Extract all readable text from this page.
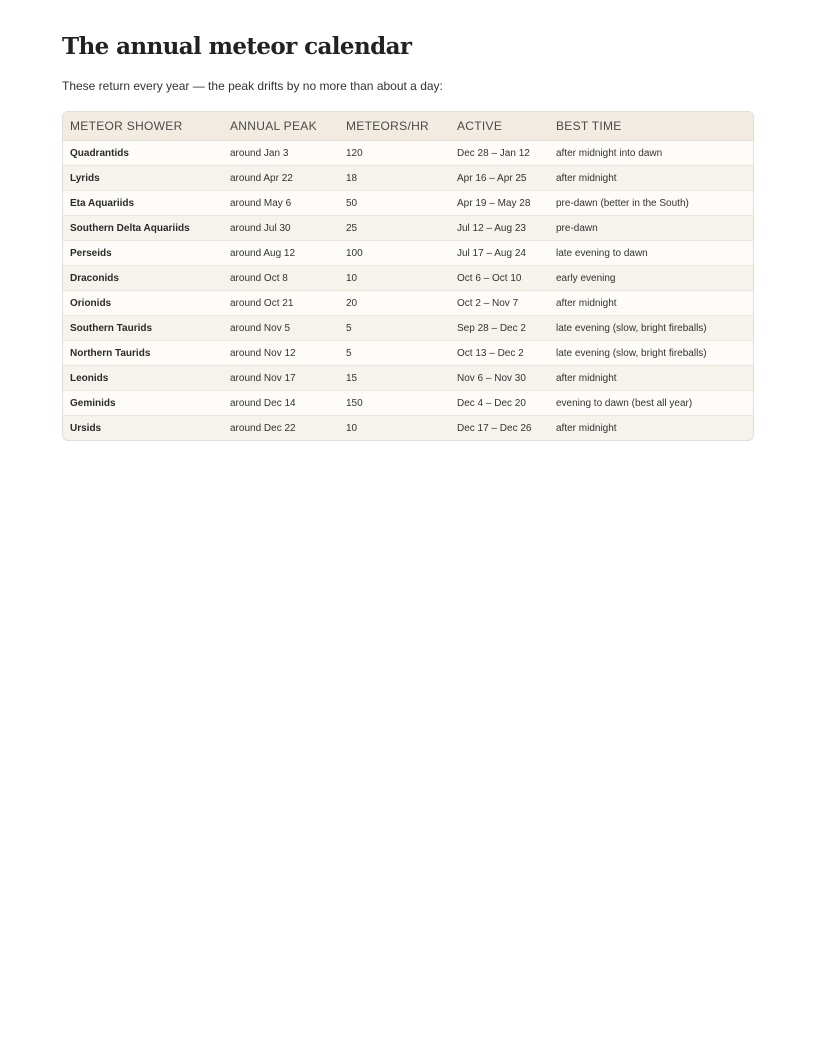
The annual meteor calendar

These return every year — the peak drifts by no more than about a day:

METEOR SHOWER	ANNUAL PEAK	METEORS/HR	ACTIVE	BEST TIME
Quadrantids	around Jan 3	120	Dec 28 – Jan 12	after midnight into dawn
Lyrids	around Apr 22	18	Apr 16 – Apr 25	after midnight
Eta Aquariids	around May 6	50	Apr 19 – May 28	pre-dawn (better in the South)
Southern Delta Aquariids	around Jul 30	25	Jul 12 – Aug 23	pre-dawn
Perseids	around Aug 12	100	Jul 17 – Aug 24	late evening to dawn
Draconids	around Oct 8	10	Oct 6 – Oct 10	early evening
Orionids	around Oct 21	20	Oct 2 – Nov 7	after midnight
Southern Taurids	around Nov 5	5	Sep 28 – Dec 2	late evening (slow, bright fireballs)
Northern Taurids	around Nov 12	5	Oct 13 – Dec 2	late evening (slow, bright fireballs)
Leonids	around Nov 17	15	Nov 6 – Nov 30	after midnight
Geminids	around Dec 14	150	Dec 4 – Dec 20	evening to dawn (best all year)
Ursids	around Dec 22	10	Dec 17 – Dec 26	after midnight
